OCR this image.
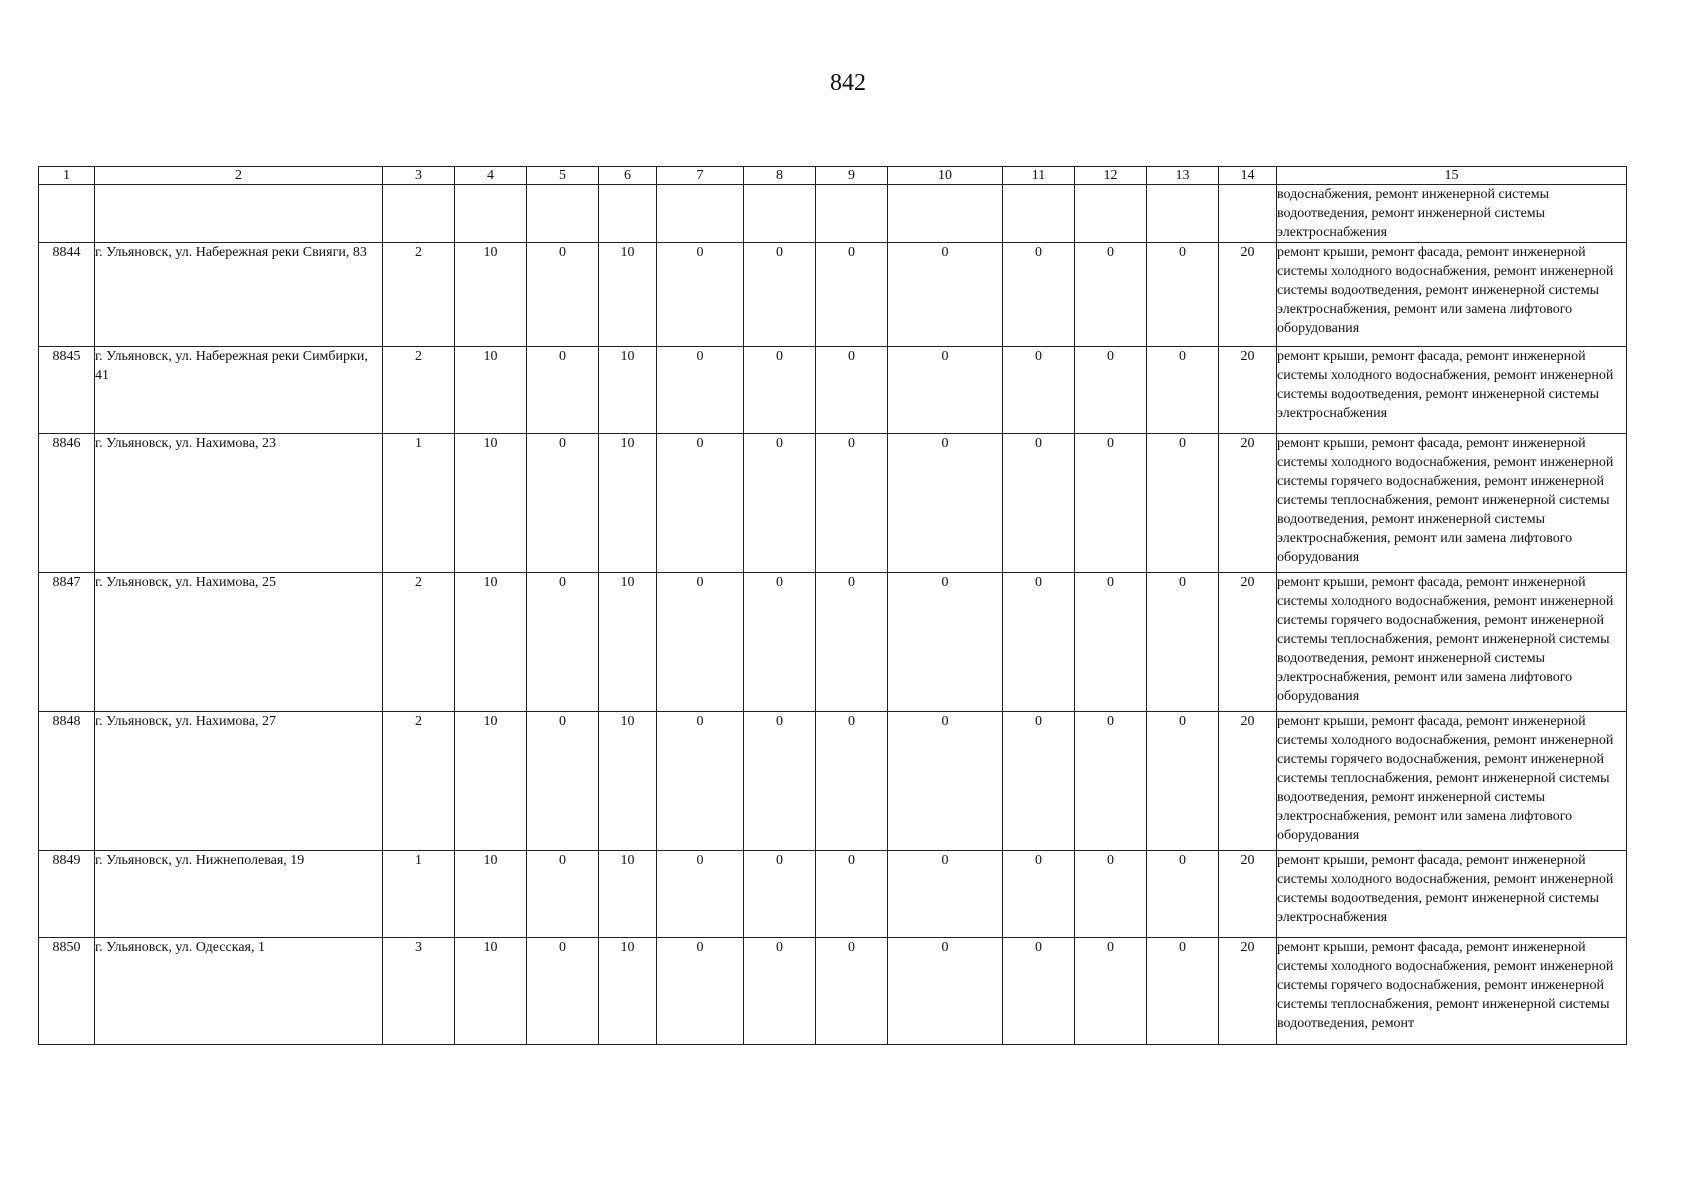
842
1	2	3	4	5	6	7	8	9	10	11	12	13	14	15
														водоснабжения, ремонт инженерной системы водоотведения, ремонт инженерной системы электроснабжения
8844	г. Ульяновск, ул. Набережная реки Свияги, 83	2	10	0	10	0	0	0	0	0	0	0	20	ремонт крыши, ремонт фасада, ремонт инженерной системы холодного водоснабжения, ремонт инженерной системы водоотведения, ремонт инженерной системы электроснабжения, ремонт или замена лифтового оборудования
8845	г. Ульяновск, ул. Набережная реки Симбирки, 41	2	10	0	10	0	0	0	0	0	0	0	20	ремонт крыши, ремонт фасада, ремонт инженерной системы холодного водоснабжения, ремонт инженерной системы водоотведения, ремонт инженерной системы электроснабжения
8846	г. Ульяновск, ул. Нахимова, 23	1	10	0	10	0	0	0	0	0	0	0	20	ремонт крыши, ремонт фасада, ремонт инженерной системы холодного водоснабжения, ремонт инженерной системы горячего водоснабжения, ремонт инженерной системы теплоснабжения, ремонт инженерной системы водоотведения, ремонт инженерной системы электроснабжения, ремонт или замена лифтового оборудования
8847	г. Ульяновск, ул. Нахимова, 25	2	10	0	10	0	0	0	0	0	0	0	20	ремонт крыши, ремонт фасада, ремонт инженерной системы холодного водоснабжения, ремонт инженерной системы горячего водоснабжения, ремонт инженерной системы теплоснабжения, ремонт инженерной системы водоотведения, ремонт инженерной системы электроснабжения, ремонт или замена лифтового оборудования
8848	г. Ульяновск, ул. Нахимова, 27	2	10	0	10	0	0	0	0	0	0	0	20	ремонт крыши, ремонт фасада, ремонт инженерной системы холодного водоснабжения, ремонт инженерной системы горячего водоснабжения, ремонт инженерной системы теплоснабжения, ремонт инженерной системы водоотведения, ремонт инженерной системы электроснабжения, ремонт или замена лифтового оборудования
8849	г. Ульяновск, ул. Нижнеполевая, 19	1	10	0	10	0	0	0	0	0	0	0	20	ремонт крыши, ремонт фасада, ремонт инженерной системы холодного водоснабжения, ремонт инженерной системы водоотведения, ремонт инженерной системы электроснабжения
8850	г. Ульяновск, ул. Одесская, 1	3	10	0	10	0	0	0	0	0	0	0	20	ремонт крыши, ремонт фасада, ремонт инженерной системы холодного водоснабжения, ремонт инженерной системы горячего водоснабжения, ремонт инженерной системы теплоснабжения, ремонт инженерной системы водоотведения, ремонт
